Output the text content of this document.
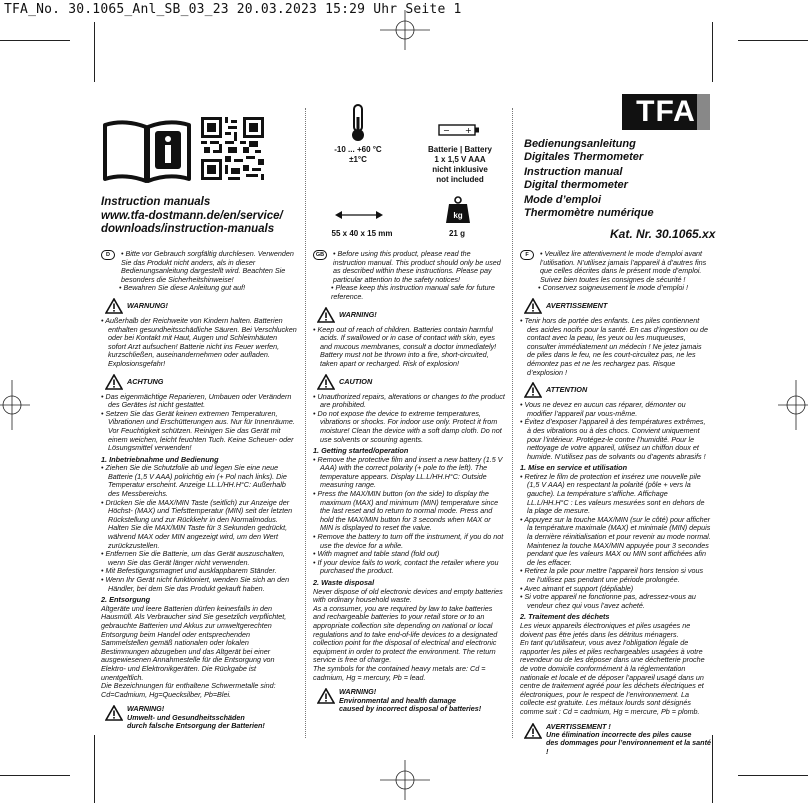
TFA_No. 30.1065_Anl_SB_03_23 20.03.2023 15:29 Uhr Seite 1
Instruction manuals
www.tfa-dostmann.de/en/service/
downloads/instruction-manuals
-10 ... +60 °C
±1°C
− +
Batterie | Battery
1 x 1,5 V AAA
nicht inklusive
not included
55 x 40 x 15 mm
kg
21 g
TFA
Bedienungsanleitung
Digitales Thermometer
Instruction manual
Digital thermometer
Mode d’emploi
Thermomètre numérique
Kat. Nr. 30.1065.xx

D	• Bitte vor Gebrauch sorgfältig durchlesen. Verwenden Sie das Produkt nicht anders, als in dieser Bedienungsanleitung dargestellt wird. Beachten Sie besonders die Sicherheitshinweise!

• Bewahren Sie diese Anleitung gut auf!

WARNUNG!

• Außerhalb der Reichweite von Kindern halten. Batterien enthalten gesundheitsschädliche Säuren. Bei Verschlucken oder bei Kontakt mit Haut, Augen und Schleimhäuten sofort Arzt aufsuchen! Batterie nicht ins Feuer werfen, kurzschließen, auseinandernehmen oder aufladen. Explosionsgefahr!

ACHTUNG

• Das eigenmächtige Reparieren, Umbauen oder Verändern des Gerätes ist nicht gestattet.

• Setzen Sie das Gerät keinen extremen Temperaturen, Vibrationen und Erschütterungen aus. Nur für Innenräume. Vor Feuchtigkeit schützen. Reinigen Sie das Gerät mit einem weichen, leicht feuchten Tuch. Keine Scheuer- oder Lösungsmittel verwenden!

1. Inbetriebnahme und Bedienung

• Ziehen Sie die Schutzfolie ab und legen Sie eine neue Batterie (1,5 V AAA) polrichtig ein (+ Pol nach links). Die Temperatur erscheint. Anzeige LL.L/HH.H°C: Außerhalb des Messbereichs.

• Drücken Sie die MAX/MIN Taste (seitlich) zur Anzeige der Höchst- (MAX) und Tiefsttemperatur (MIN) seit der letzten Rückstellung und zur Rückkehr in den Normalmodus. Halten Sie die MAX/MIN Taste für 3 Sekunden gedrückt, während MAX oder MIN angezeigt wird, um den Wert zurückzustellen.

• Entfernen Sie die Batterie, um das Gerät auszuschalten, wenn Sie das Gerät länger nicht verwenden.

• Mit Befestigungsmagnet und ausklappbarem Ständer.

• Wenn Ihr Gerät nicht funktioniert, wenden Sie sich an den Händler, bei dem Sie das Produkt gekauft haben.

2. Entsorgung

Altgeräte und leere Batterien dürfen keinesfalls in den Hausmüll. Als Verbraucher sind Sie gesetzlich verpflichtet, gebrauchte Batterien und Akkus zur umweltgerechten Entsorgung beim Handel oder entsprechenden Sammelstellen gemäß nationalen oder lokalen Bestimmungen abzugeben und das Altgerät bei einer ausgewiesenen Annahmestelle für die Entsorgung von Elektro- und Elektronikgeräten. Die Rückgabe ist unentgeltlich.

Die Bezeichnungen für enthaltene Schwermetalle sind: Cd=Cadmium, Hg=Quecksilber, Pb=Blei.

WARNING!
Umwelt- und Gesundheitsschäden
durch falsche Entsorgung der Batterien!

GB	• Before using this product, please read the instruction manual. This product should only be used as described within these instructions. Please pay particular attention to the safety notices!

• Please keep this instruction manual safe for future reference.

WARNING!

• Keep out of reach of children. Batteries contain harmful acids. If swallowed or in case of contact with skin, eyes and mucous membranes, consult a doctor immediately! Battery must not be thrown into a fire, short-circuited, taken apart or recharged. Risk of explosion!

CAUTION

• Unauthorized repairs, alterations or changes to the product are prohibited.

• Do not expose the device to extreme temperatures, vibrations or shocks. For indoor use only. Protect it from moisture! Clean the device with a soft damp cloth. Do not use solvents or scouring agents.

1. Getting started/operation

• Remove the protective film and insert a new battery (1.5 V AAA) with the correct polarity (+ pole to the left). The temperature appears. Display LL.L/HH.H°C: Outside measuring range.

• Press the MAX/MIN button (on the side) to display the maximum (MAX) and minimum (MIN) temperature since the last reset and to return to normal mode. Press and hold the MAX/MIN button for 3 seconds when MAX or MIN is displayed to reset the value.

• Remove the battery to turn off the instrument, if you do not use the device for a while.

• With magnet and table stand (fold out)

• If your device fails to work, contact the retailer where you purchased the product.

2. Waste disposal

Never dispose of old electronic devices and empty batteries with ordinary household waste.

As a consumer, you are required by law to take batteries and rechargeable batteries to your retail store or to an appropriate collection site depending on national or local regulations and to take end-of-life devices to a designated collection point for the disposal of electrical and electronic equipment in order to protect the environment. The return service is free of charge.

The symbols for the contained heavy metals are: Cd = cadmium, Hg = mercury, Pb = lead.

WARNING!
Environmental and health damage
caused by incorrect disposal of batteries!

F	• Veuillez lire attentivement le mode d’emploi avant l’utilisation. N’utilisez jamais l’appareil à d’autres fins que celles décrites dans le présent mode d’emploi. Suivez bien toutes les consignes de sécurité !

• Conservez soigneusement le mode d’emploi !

AVERTISSEMENT

• Tenir hors de portée des enfants. Les piles contiennent des acides nocifs pour la santé. En cas d’ingestion ou de contact avec la peau, les yeux ou les muqueuses, consulter immédiatement un médecin ! Ne jetez jamais de piles dans le feu, ne les court-circuitez pas, ne les démontez pas et ne les rechargez pas. Risque d’explosion !

ATTENTION

• Vous ne devez en aucun cas réparer, démonter ou modifier l’appareil par vous-même.

• Évitez d’exposer l’appareil à des températures extrêmes, à des vibrations ou à des chocs. Convient uniquement pour l’intérieur. Protégez-le contre l’humidité. Pour le nettoyage de votre appareil, utilisez un chiffon doux et humide. N’utilisez pas de solvants ou d’agents abrasifs !

1. Mise en service et utilisation

• Retirez le film de protection et insérez une nouvelle pile (1,5 V AAA) en respectant la polarité (pôle + vers la gauche). La température s’affiche. Affichage LL.L/HH.H°C : Les valeurs mesurées sont en dehors de la plage de mesure.

• Appuyez sur la touche MAX/MIN (sur le côté) pour afficher la température maximale (MAX) et minimale (MIN) depuis la dernière réinitialisation et pour revenir au mode normal. Maintenez la touche MAX/MIN appuyée pour 3 secondes pendant que les valeurs MAX ou MIN sont affichées afin de les effacer.

• Retirez la pile pour mettre l’appareil hors tension si vous ne l’utilisez pas pendant une période prolongée.

• Avec aimant et support (dépliable)

• Si votre appareil ne fonctionne pas, adressez-vous au vendeur chez qui vous l’avez acheté.

2. Traitement des déchets

Les vieux appareils électroniques et piles usagées ne doivent pas être jetés dans les détritus ménagers.

En tant qu’utilisateur, vous avez l’obligation légale de rapporter les piles et piles rechargeables usagées à votre revendeur ou de les déposer dans une déchetterie proche de votre domicile conformément à la réglementation nationale et locale et de déposer l’appareil usagé dans un centre de traitement agréé pour les déchets électriques et électroniques, pour le respect de l’environnement. La collecte est gratuite. Les métaux lourds sont désignés comme suit : Cd = cadmium, Hg = mercure, Pb = plomb.

AVERTISSEMENT !
Une élimination incorrecte des piles cause
des dommages pour l’environnement et la santé !
